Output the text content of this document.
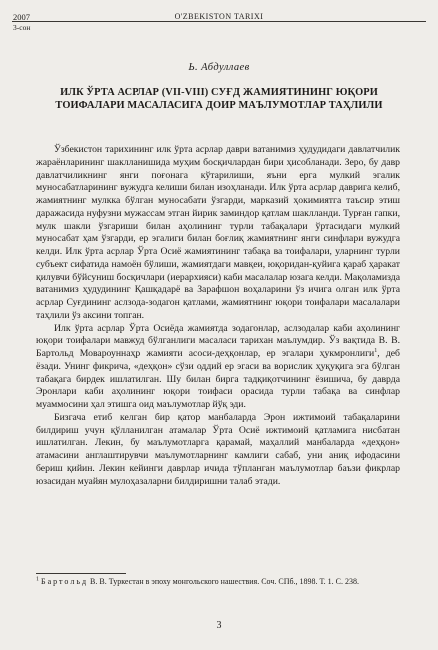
2007	O'ZBEKISTON TARIXI
3-сон
Ь. Абдуллаев
ИЛК ЎРТА АСРЛАР (VII-VIII) СУҒД ЖАМИЯТИНИНГ ЮҚОРИ ТОИФАЛАРИ МАСАЛАСИГА ДОИР МАЪЛУМОТЛАР ТАҲЛИЛИ

Ўзбекистон тарихининг илк ўрта асрлар даври ватанимиз ҳудудидаги давлатчилик жараёнларининг шаклланишида муҳим босқичлардан бири ҳисобланади. Зеро, бу давр давлатчиликнинг янги поғонага кўтарилиши, яъни ерга мулкий эгалик муносабатларининг вужудга келиши билан изоҳланади. Илк ўрта асрлар даврига келиб, жамиятнинг мулкка бўлган муносабати ўзгарди, марказий ҳокимиятга таъсир этиш даражасида нуфузни мужассам этган йирик заминдор қатлам шаклланди. Турған гапки, мулк шакли ўзгариши билан аҳолининг турли табақалари ўртасидаги мулкий муносабат ҳам ўзгарди, ер эгалиги билан боғлиқ жамиятнинг янги синфлари вужудга келди. Илк ўрта асрлар Ўрта Осиё жамиятининг табақа ва тоифалари, уларнинг турли субъект сифатида намоён бўлиши, жамиятдаги мавқеи, юқоридан-қуйига қараб ҳаракат қилувчи бўйсуниш босқичлари (иерархияси) каби масалалар юзага келди. Мақоламизда ватанимиз ҳудудининг Қашқадарё ва Зарафшон воҳаларини ўз ичига олган илк ўрта асрлар Суғдининг аслзода-зодагон қатлами, жамиятнинг юқори тоифалари масалалари таҳлили ўз аксини топган.

Илк ўрта асрлар Ўрта Осиёда жамиятда зодагонлар, аслзодалар каби аҳолининг юқори тоифалари мавжуд бўлганлиги масаласи тарихан маълумдир. Ўз вақтида В. В. Бартольд Мовароуннаҳр жамияти асоси-деҳқонлар, ер эгалари ҳукмронлиги$^1$, деб ёзади. Унинг фикрича, «деҳқон» сўзи оддий ер эгаси ва ворислик ҳуқуқига эга бўлган табақага бирдек ишлатилган. Шу билан бирга тадқиқотчининг ёзишича, бу даврда Эронлари каби аҳолининг юқори тоифаси орасида турли табақа ва синфлар муаммосини ҳал этишга оид маълумотлар йўқ эди.

Бизгача етиб келган бир қатор манбаларда Эрон ижтимоий табақаларини билдириш учун қўлланилган атамалар Ўрта Осиё ижтимоий қатламига нисбатан ишлатилган. Лекин, бу маълумотларга қарамай, маҳаллий манбаларда «деҳқон» атамасини англаштирувчи маълумотларнинг камлиги сабаб, уни аниқ ифодасини бериш қийин. Лекин кейинги даврлар ичида тўпланган маълумотлар баъзи фикрлар юзасидан муайян мулоҳазаларни билдиришни талаб этади.

$^1$ Бартольд В. В. Туркестан в эпоху монгольского нашествия. Соч. СПб., 1898. Т. 1. С. 238.
3
